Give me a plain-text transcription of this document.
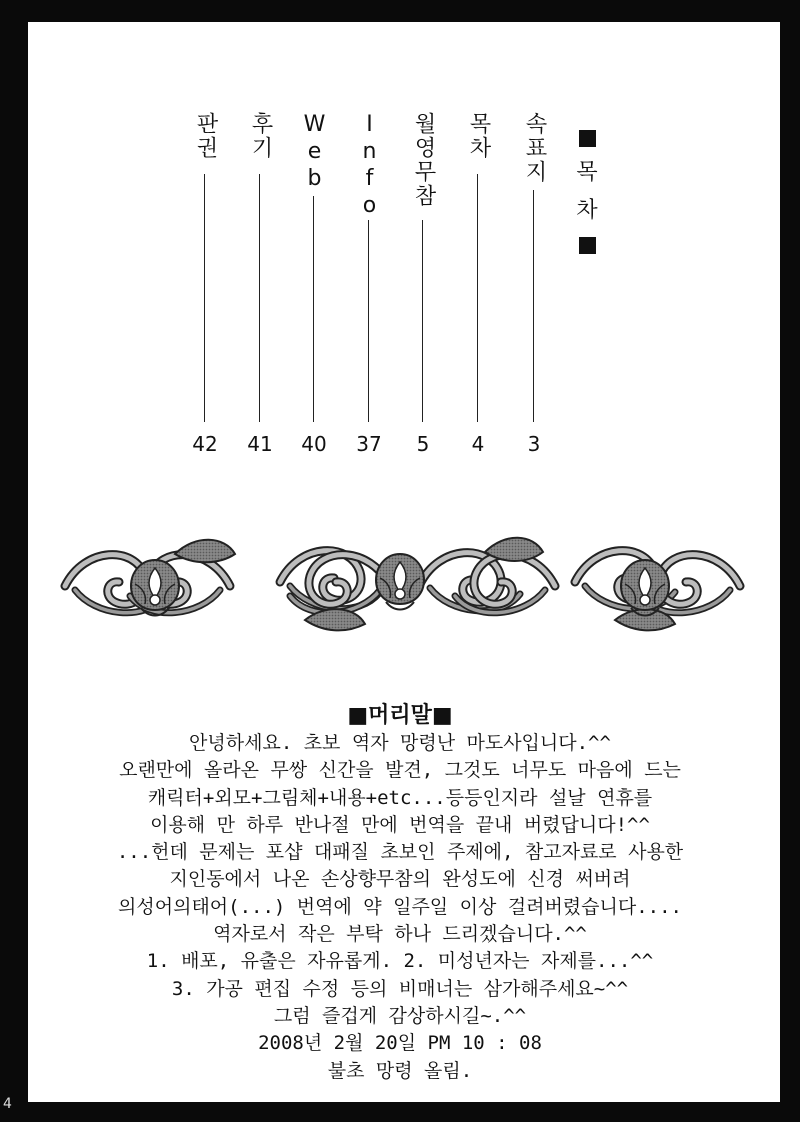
4
목
차
속표지
3
목차
4
월영무참
5
Info
37
Web
40
후기
41
판권
42
■머리말■
안녕하세요. 초보 역자 망령난 마도사입니다.^^
오랜만에 올라온 무쌍 신간을 발견, 그것도 너무도 마음에 드는
캐릭터+외모+그림체+내용+etc...등등인지라 설날 연휴를
이용해 만 하루 반나절 만에 번역을 끝내 버렸답니다!^^
...헌데 문제는 포샵 대패질 초보인 주제에, 참고자료로 사용한
지인동에서 나온 손상향무참의 완성도에 신경 써버려
의성어의태어(...) 번역에 약 일주일 이상 걸려버렸습니다....
역자로서 작은 부탁 하나 드리겠습니다.^^
1. 배포, 유출은 자유롭게. 2. 미성년자는 자제를...^^
3. 가공 편집 수정 등의 비매너는 삼가해주세요~^^
그럼 즐겁게 감상하시길~.^^
2008년 2월 20일 PM 10 : 08
불초 망령 올림.
